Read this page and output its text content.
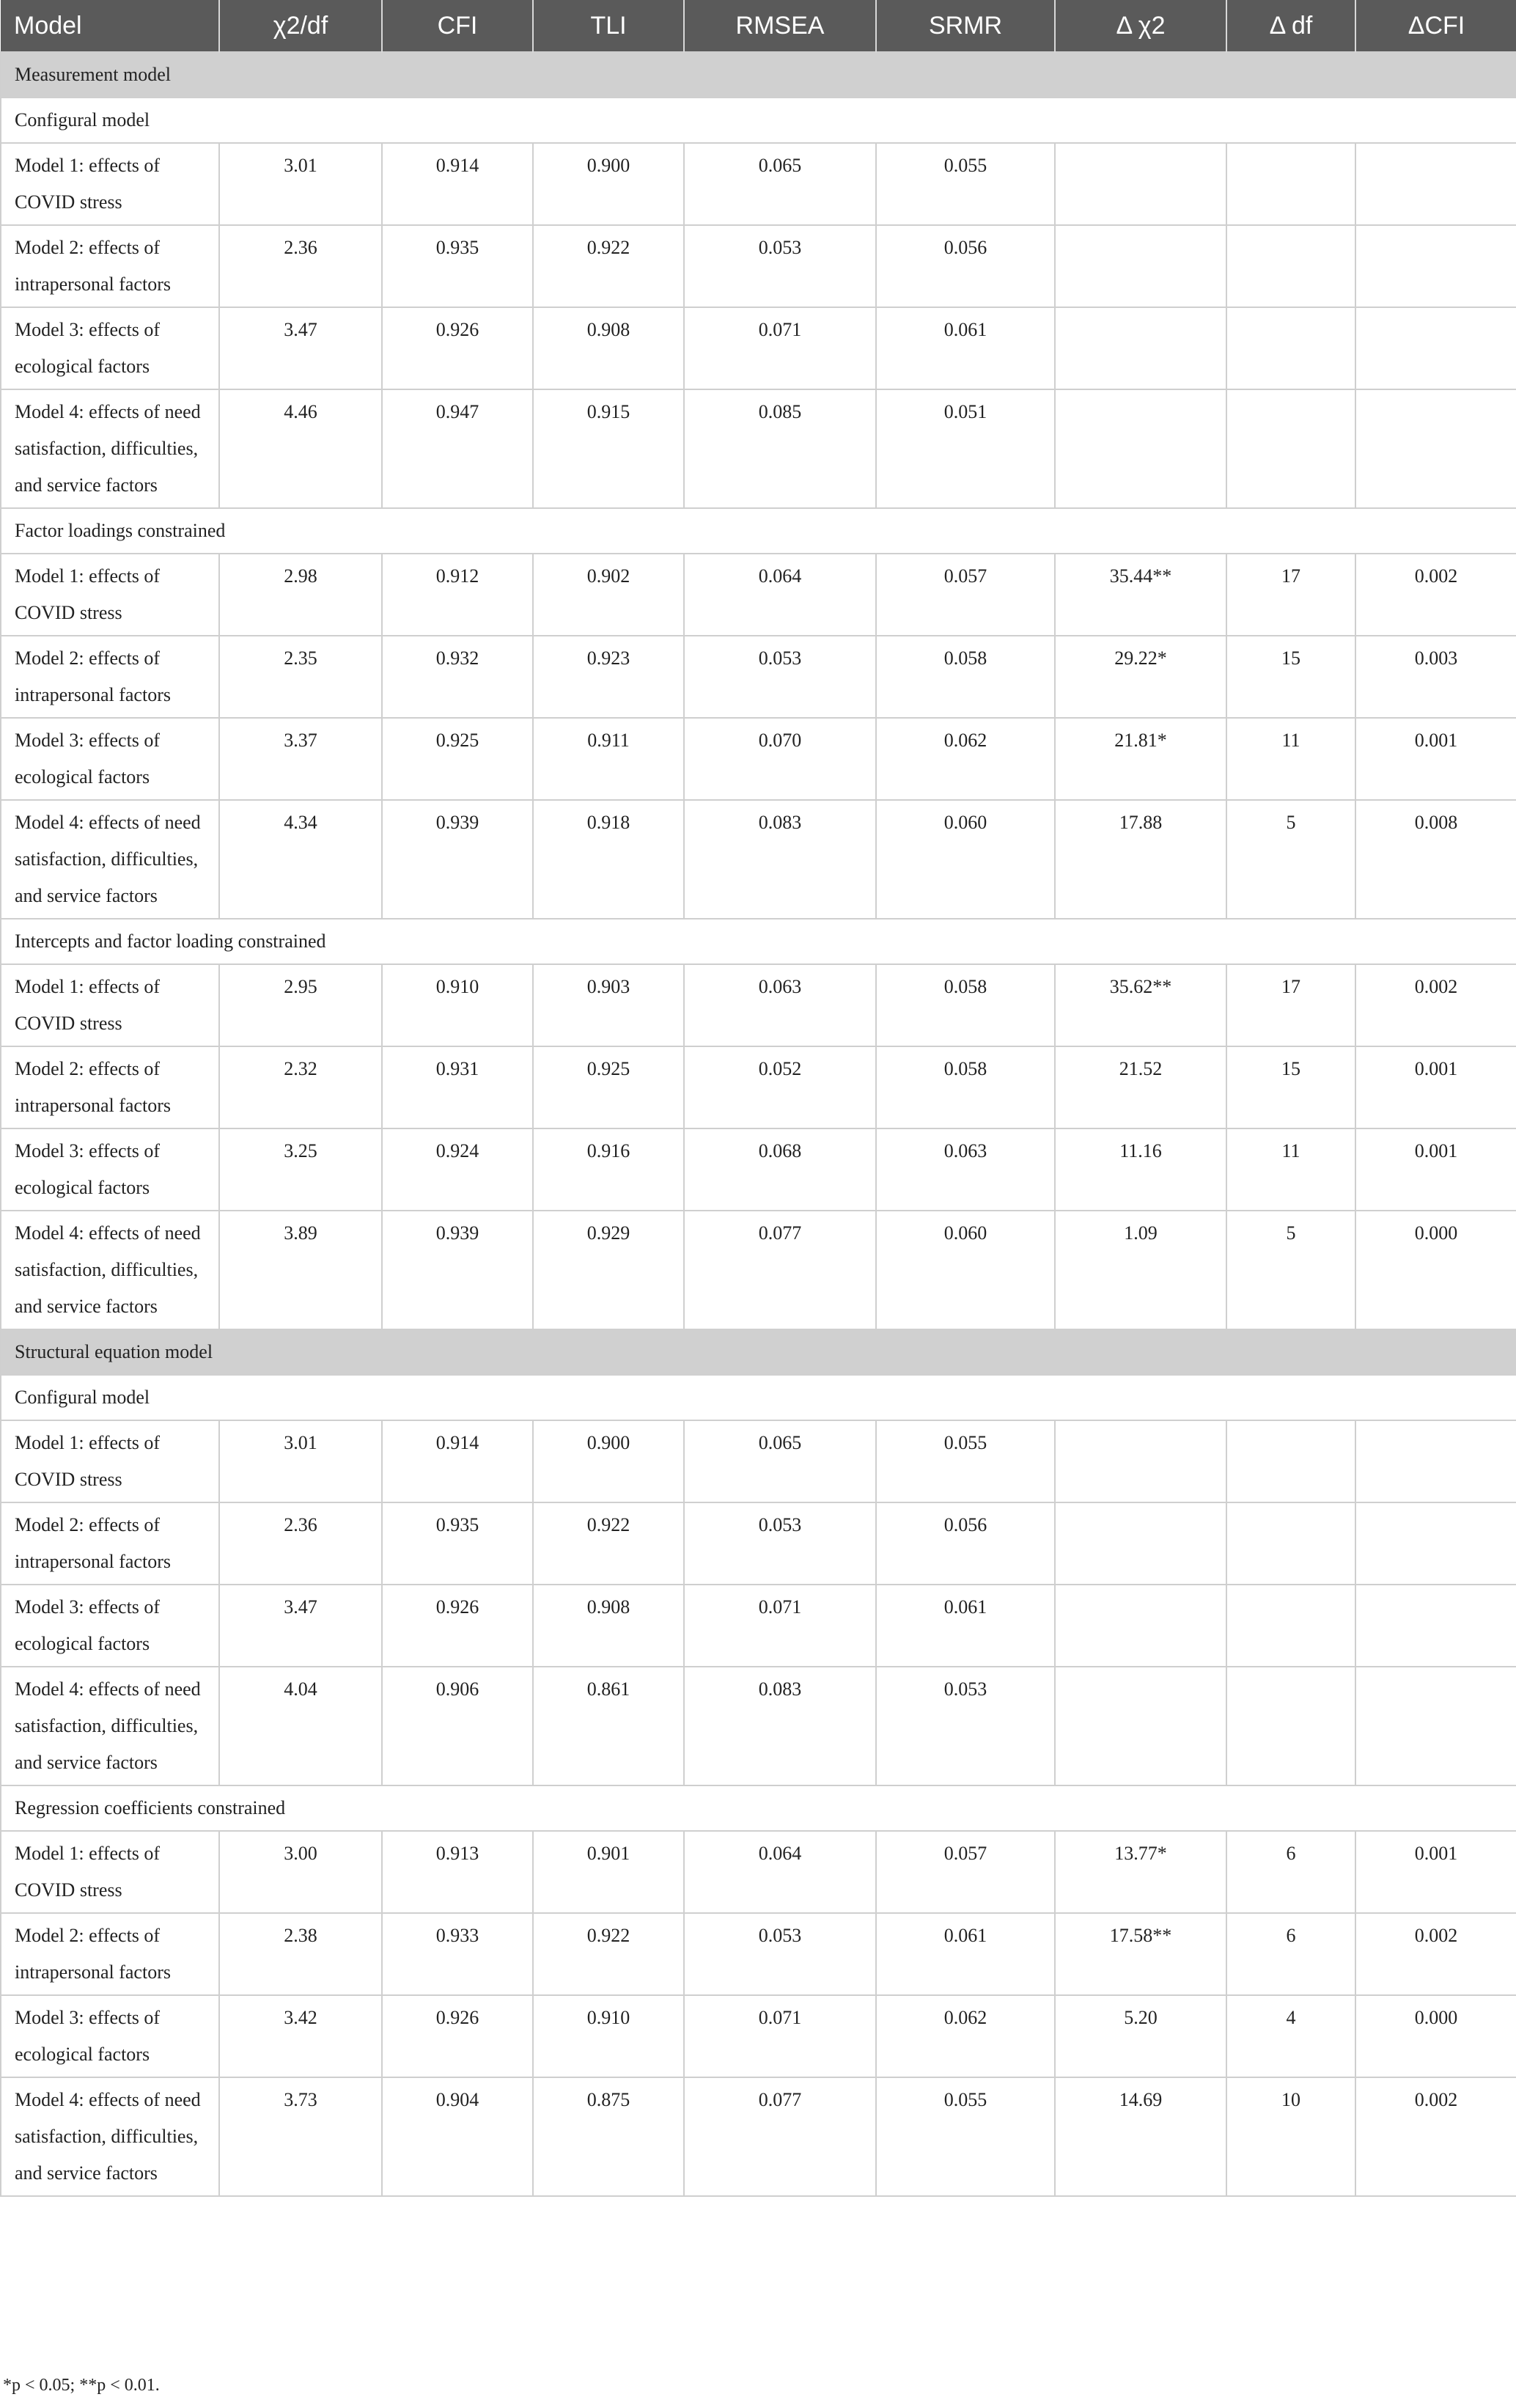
Model	χ2/df	CFI	TLI	RMSEA	SRMR	Δ χ2	Δ df	ΔCFI
Measurement model								
Configural model								
Model 1: effects of COVID stress	3.01	0.914	0.900	0.065	0.055			
Model 2: effects of intrapersonal factors	2.36	0.935	0.922	0.053	0.056			
Model 3: effects of ecological factors	3.47	0.926	0.908	0.071	0.061			
Model 4: effects of need satisfaction, difficulties, and service factors	4.46	0.947	0.915	0.085	0.051			
Factor loadings constrained								
Model 1: effects of COVID stress	2.98	0.912	0.902	0.064	0.057	35.44**	17	0.002
Model 2: effects of intrapersonal factors	2.35	0.932	0.923	0.053	0.058	29.22*	15	0.003
Model 3: effects of ecological factors	3.37	0.925	0.911	0.070	0.062	21.81*	11	0.001
Model 4: effects of need satisfaction, difficulties, and service factors	4.34	0.939	0.918	0.083	0.060	17.88	5	0.008
Intercepts and factor loading constrained								
Model 1: effects of COVID stress	2.95	0.910	0.903	0.063	0.058	35.62**	17	0.002
Model 2: effects of intrapersonal factors	2.32	0.931	0.925	0.052	0.058	21.52	15	0.001
Model 3: effects of ecological factors	3.25	0.924	0.916	0.068	0.063	11.16	11	0.001
Model 4: effects of need satisfaction, difficulties, and service factors	3.89	0.939	0.929	0.077	0.060	1.09	5	0.000
Structural equation model								
Configural model								
Model 1: effects of COVID stress	3.01	0.914	0.900	0.065	0.055			
Model 2: effects of intrapersonal factors	2.36	0.935	0.922	0.053	0.056			
Model 3: effects of ecological factors	3.47	0.926	0.908	0.071	0.061			
Model 4: effects of need satisfaction, difficulties, and service factors	4.04	0.906	0.861	0.083	0.053			
Regression coefficients constrained								
Model 1: effects of COVID stress	3.00	0.913	0.901	0.064	0.057	13.77*	6	0.001
Model 2: effects of intrapersonal factors	2.38	0.933	0.922	0.053	0.061	17.58**	6	0.002
Model 3: effects of ecological factors	3.42	0.926	0.910	0.071	0.062	5.20	4	0.000
Model 4: effects of need satisfaction, difficulties, and service factors	3.73	0.904	0.875	0.077	0.055	14.69	10	0.002
*p < 0.05; **p < 0.01.
